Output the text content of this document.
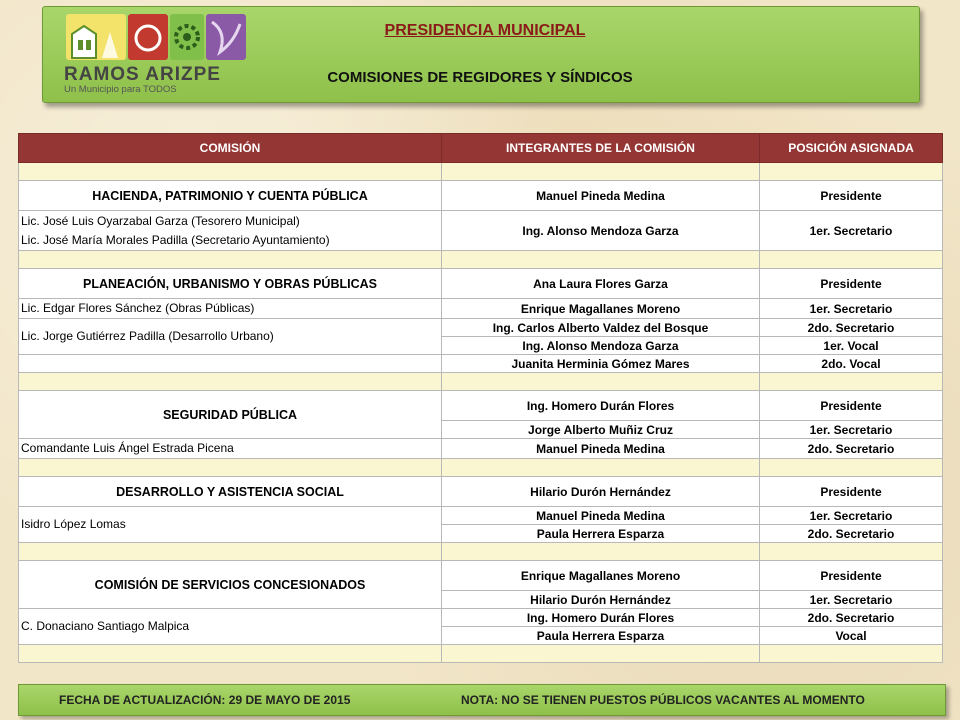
RAMOS ARIZPE
Un Municipio para TODOS
PRESIDENCIA MUNICIPAL
COMISIONES DE REGIDORES Y SÍNDICOS
COMISIÓN	INTEGRANTES DE LA COMISIÓN	POSICIÓN ASIGNADA

HACIENDA, PATRIMONIO Y CUENTA PÚBLICA	Manuel Pineda Medina	Presidente

Lic. José Luis Oyarzabal Garza (Tesorero Municipal)
Lic. José María Morales Padilla (Secretario Ayuntamiento)	Ing. Alonso Mendoza Garza	1er. Secretario

PLANEACIÓN, URBANISMO Y OBRAS PÚBLICAS	Ana Laura Flores Garza	Presidente
Lic. Edgar Flores Sánchez (Obras Públicas)	Enrique Magallanes Moreno	1er. Secretario
Lic. Jorge Gutiérrez Padilla (Desarrollo Urbano)	Ing. Carlos Alberto Valdez del Bosque	2do. Secretario
	Ing. Alonso Mendoza Garza	1er. Vocal
	Juanita Herminia Gómez Mares	2do. Vocal

SEGURIDAD PÚBLICA	Ing. Homero Durán Flores	Presidente
	Jorge Alberto Muñiz Cruz	1er. Secretario
Comandante Luis Ángel Estrada Picena	Manuel Pineda Medina	2do. Secretario

DESARROLLO Y ASISTENCIA SOCIAL	Hilario Durón Hernández	Presidente
Isidro López Lomas	Manuel Pineda Medina	1er. Secretario
	Paula Herrera Esparza	2do. Secretario

COMISIÓN DE SERVICIOS CONCESIONADOS	Enrique Magallanes Moreno	Presidente
	Hilario Durón Hernández	1er. Secretario
C. Donaciano Santiago Malpica	Ing. Homero Durán Flores	2do. Secretario
	Paula Herrera Esparza	Vocal

FECHA DE ACTUALIZACIÓN: 29 DE MAYO DE 2015	NOTA: NO SE TIENEN PUESTOS PÚBLICOS VACANTES AL MOMENTO
